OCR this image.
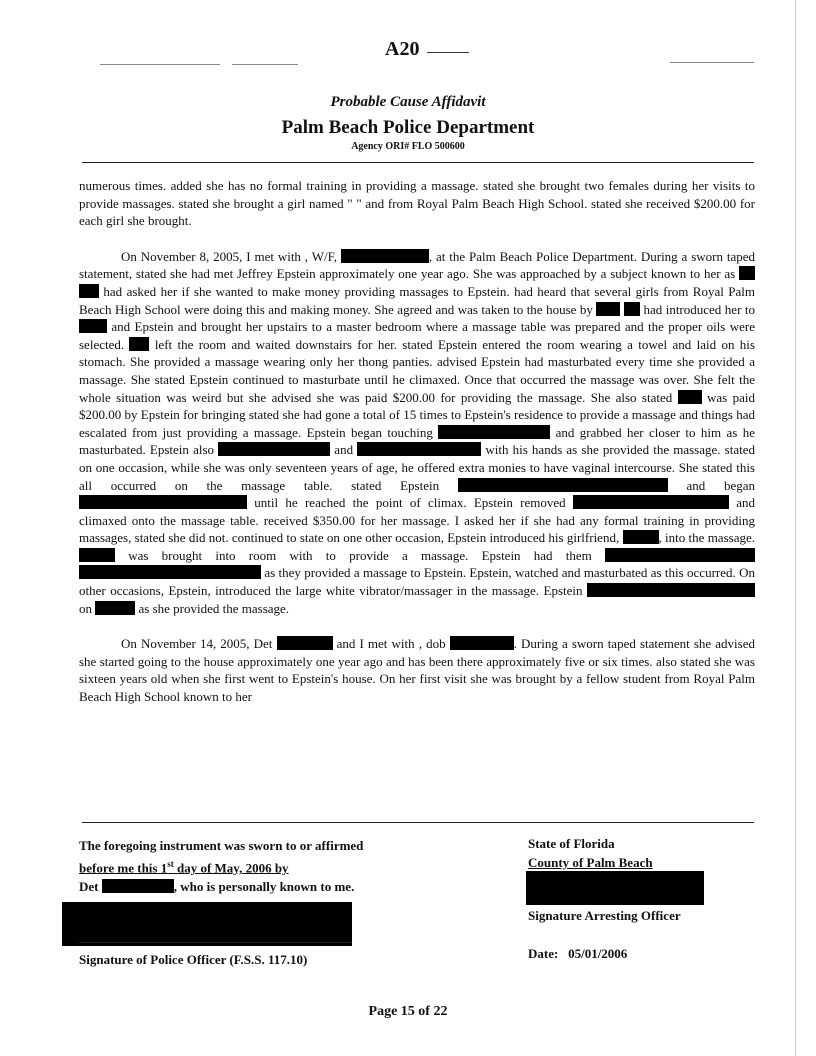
A20
Probable Cause Affidavit
Palm Beach Police Department
Agency ORI# FLO 500600

numerous times. added she has no formal training in providing a massage. stated she brought two females during her visits to provide massages. stated she brought a girl named " " and from Royal Palm Beach High School. stated she received $200.00 for each girl she brought.

On November 8, 2005, I met with , W/F,	, at the Palm Beach Police Department. During a sworn taped statement, stated she had met Jeffrey Epstein approximately one year ago. She was approached by a subject known to her as   had asked her if she wanted to make money providing massages to Epstein. had heard that several girls from Royal Palm Beach High School were doing this and making money. She agreed and was taken to the house by	had introduced her to  and Epstein and brought her upstairs to a master bedroom where a massage table was prepared and the proper oils were selected.  left the room and waited downstairs for her. stated Epstein entered the room wearing a towel and laid on his stomach. She provided a massage wearing only her thong panties. advised Epstein had masturbated every time she provided a massage. She stated Epstein continued to masturbate until he climaxed. Once that occurred the massage was over. She felt the whole situation was weird but she advised she was paid $200.00 for providing the massage. She also stated  was paid $200.00 by Epstein for bringing stated she had gone a total of 15 times to Epstein's residence to provide a massage and things had escalated from just providing a massage. Epstein began touching	and grabbed her closer to him as he masturbated. Epstein also	and	with his hands as she provided the massage. stated on one occasion, while she was only seventeen years of age, he offered extra monies to have vaginal intercourse. She stated this all occurred on the massage table. stated Epstein	and began  until he reached the point of climax. Epstein removed	and climaxed onto the massage table. received $350.00 for her massage. I asked her if she had any formal training in providing massages, stated she did not. continued to state on one other occasion, Epstein introduced his girlfriend,	, into the massage.  was brought into room with to provide a massage. Epstein had them   as they provided a massage to Epstein. Epstein, watched and masturbated as this occurred. On other occasions, Epstein, introduced the large white vibrator/massager in the massage. Epstein  on	as she provided the massage.

On November 14, 2005, Det	and I met with , dob	. During a sworn taped statement she advised she started going to the house approximately one year ago and has been there approximately five or six times. also stated she was sixteen years old when she first went to Epstein's house. On her first visit she was brought by a fellow student from Royal Palm Beach High School known to her

The foregoing instrument was sworn to or affirmed
before me this 1st day of May, 2006 by
Det	, who is personally known to me.
Signature of Police Officer (F.S.S. 117.10)
State of Florida
County of Palm Beach
Signature Arresting Officer
Date: 05/01/2006
Page 15 of 22
